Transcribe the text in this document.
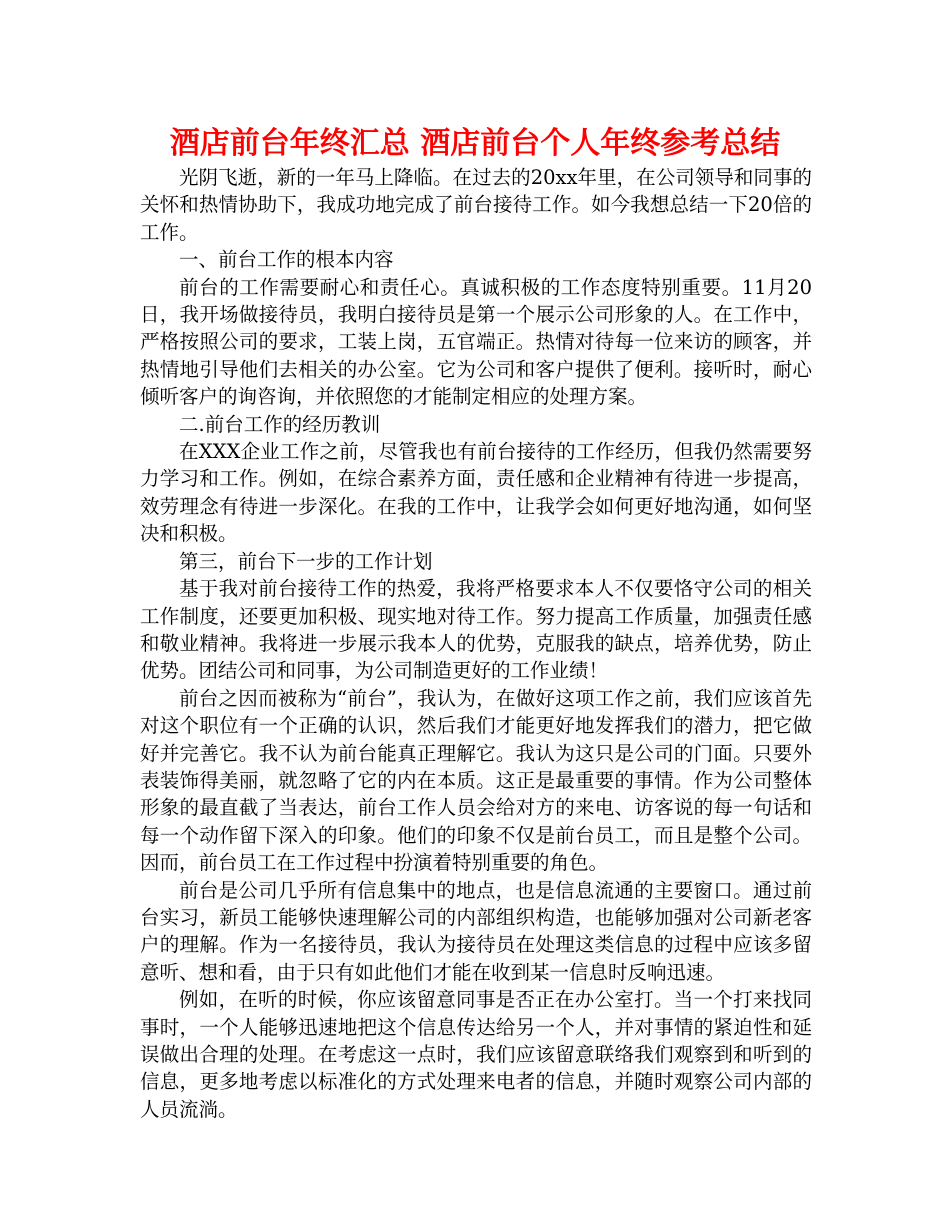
酒店前台年终汇总 酒店前台个人年终参考总结

光阴飞逝，新的一年马上降临。在过去的20xx年里，在公司领导和同事的关怀和热情协助下，我成功地完成了前台接待工作。如今我想总结一下20倍的工作。

一、前台工作的根本内容

前台的工作需要耐心和责任心。真诚积极的工作态度特别重要。11月20日，我开场做接待员，我明白接待员是第一个展示公司形象的人。在工作中，严格按照公司的要求，工装上岗，五官端正。热情对待每一位来访的顾客，并热情地引导他们去相关的办公室。它为公司和客户提供了便利。接听时，耐心倾听客户的询咨询，并依照您的才能制定相应的处理方案。

二.前台工作的经历教训

在XXX企业工作之前，尽管我也有前台接待的工作经历，但我仍然需要努力学习和工作。例如，在综合素养方面，责任感和企业精神有待进一步提高，效劳理念有待进一步深化。在我的工作中，让我学会如何更好地沟通，如何坚决和积极。

第三，前台下一步的工作计划

基于我对前台接待工作的热爱，我将严格要求本人不仅要恪守公司的相关工作制度，还要更加积极、现实地对待工作。努力提高工作质量，加强责任感和敬业精神。我将进一步展示我本人的优势，克服我的缺点，培养优势，防止优势。团结公司和同事，为公司制造更好的工作业绩！

前台之因而被称为“前台”，我认为，在做好这项工作之前，我们应该首先对这个职位有一个正确的认识，然后我们才能更好地发挥我们的潜力，把它做好并完善它。我不认为前台能真正理解它。我认为这只是公司的门面。只要外表装饰得美丽，就忽略了它的内在本质。这正是最重要的事情。作为公司整体形象的最直截了当表达，前台工作人员会给对方的来电、访客说的每一句话和每一个动作留下深入的印象。他们的印象不仅是前台员工，而且是整个公司。因而，前台员工在工作过程中扮演着特别重要的角色。

前台是公司几乎所有信息集中的地点，也是信息流通的主要窗口。通过前台实习，新员工能够快速理解公司的内部组织构造，也能够加强对公司新老客户的理解。作为一名接待员，我认为接待员在处理这类信息的过程中应该多留意听、想和看，由于只有如此他们才能在收到某一信息时反响迅速。

例如，在听的时候，你应该留意同事是否正在办公室打。当一个打来找同事时，一个人能够迅速地把这个信息传达给另一个人，并对事情的紧迫性和延误做出合理的处理。在考虑这一点时，我们应该留意联络我们观察到和听到的信息，更多地考虑以标准化的方式处理来电者的信息，并随时观察公司内部的人员流淌。
